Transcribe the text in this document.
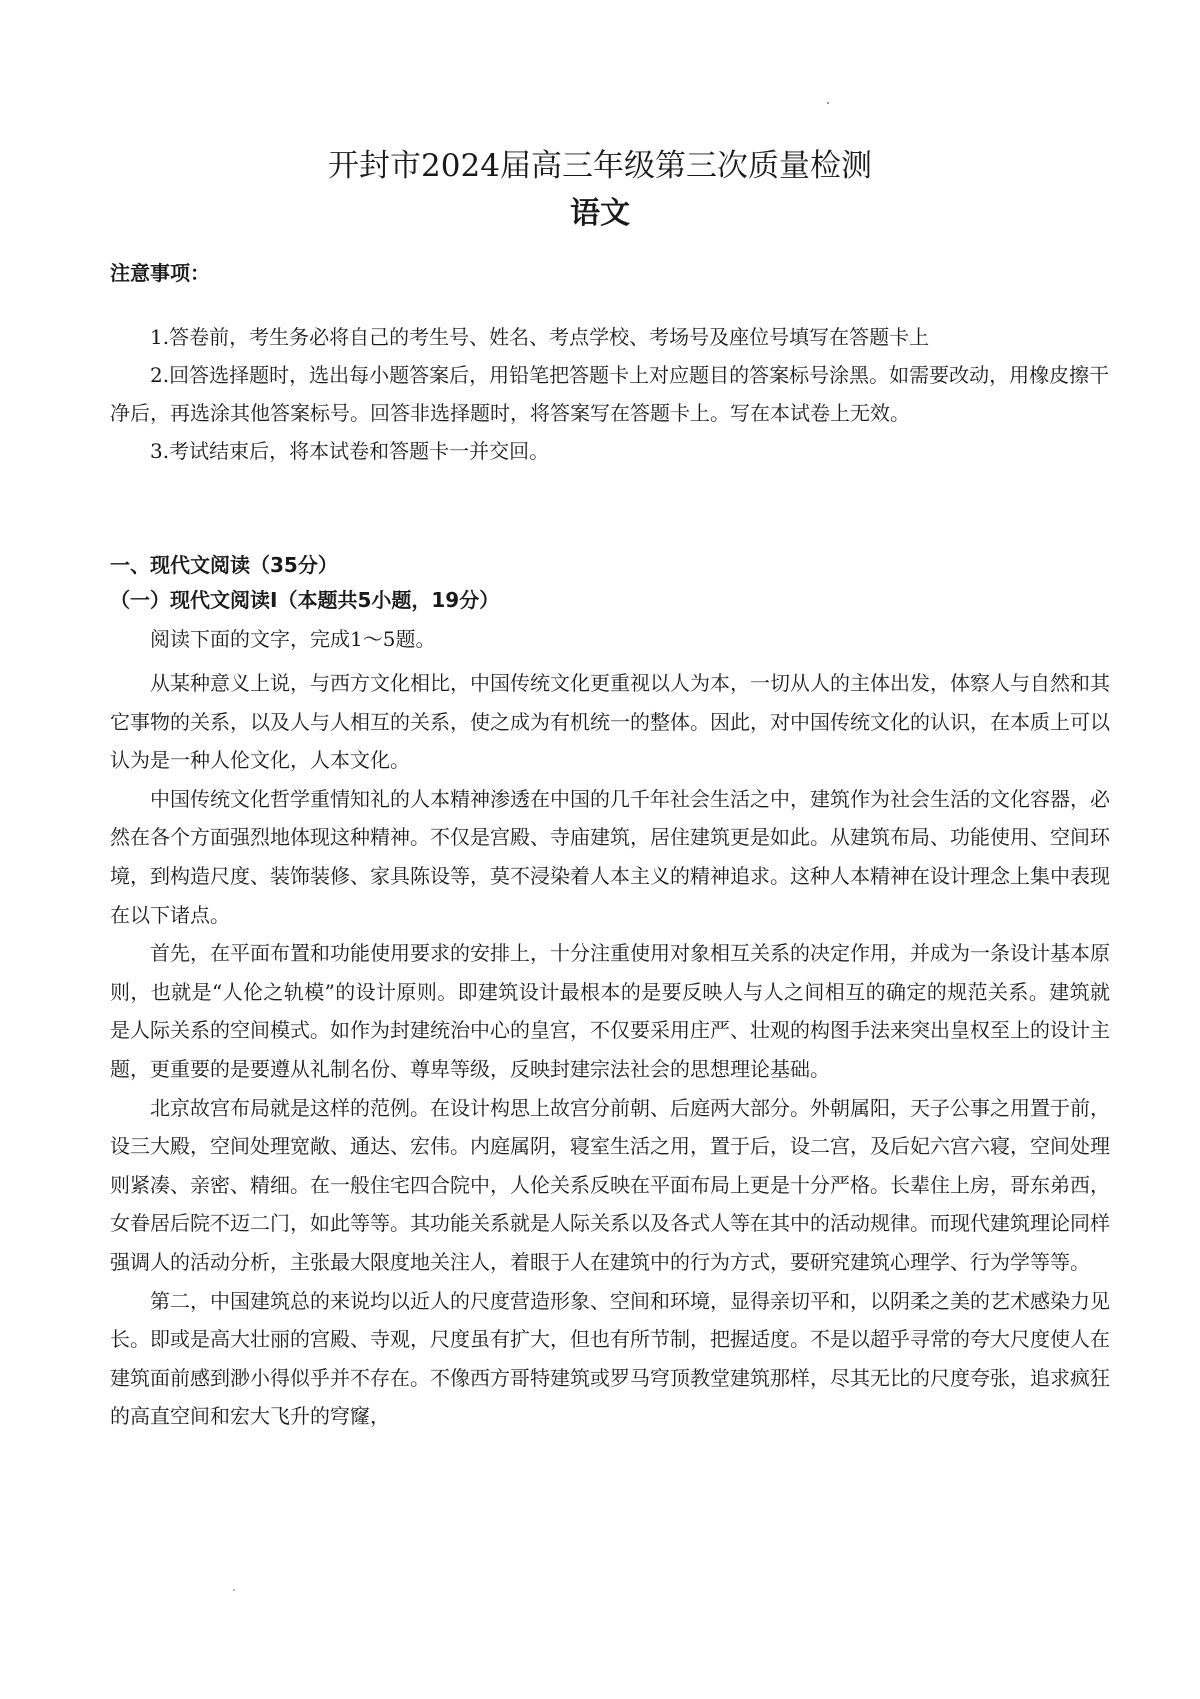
开封市2024届高三年级第三次质量检测
语文
注意事项：

1.答卷前，考生务必将自己的考生号、姓名、考点学校、考场号及座位号填写在答题卡上

2.回答选择题时，选出每小题答案后，用铅笔把答题卡上对应题目的答案标号涂黑。如需要改动，用橡皮擦干净后，再选涂其他答案标号。回答非选择题时，将答案写在答题卡上。写在本试卷上无效。

3.考试结束后，将本试卷和答题卡一并交回。

一、现代文阅读（35分）
（一）现代文阅读Ⅰ（本题共5小题，19分）

阅读下面的文字，完成1～5题。

从某种意义上说，与西方文化相比，中国传统文化更重视以人为本，一切从人的主体出发，体察人与自然和其它事物的关系，以及人与人相互的关系，使之成为有机统一的整体。因此，对中国传统文化的认识，在本质上可以认为是一种人伦文化，人本文化。

中国传统文化哲学重情知礼的人本精神渗透在中国的几千年社会生活之中，建筑作为社会生活的文化容器，必然在各个方面强烈地体现这种精神。不仅是宫殿、寺庙建筑，居住建筑更是如此。从建筑布局、功能使用、空间环境，到构造尺度、装饰装修、家具陈设等，莫不浸染着人本主义的精神追求。这种人本精神在设计理念上集中表现在以下诸点。

首先，在平面布置和功能使用要求的安排上，十分注重使用对象相互关系的决定作用，并成为一条设计基本原则，也就是“人伦之轨模”的设计原则。即建筑设计最根本的是要反映人与人之间相互的确定的规范关系。建筑就是人际关系的空间模式。如作为封建统治中心的皇宫，不仅要采用庄严、壮观的构图手法来突出皇权至上的设计主题，更重要的是要遵从礼制名份、尊卑等级，反映封建宗法社会的思想理论基础。

北京故宫布局就是这样的范例。在设计构思上故宫分前朝、后庭两大部分。外朝属阳，天子公事之用置于前，设三大殿，空间处理宽敞、通达、宏伟。内庭属阴，寝室生活之用，置于后，设二宫，及后妃六宫六寝，空间处理则紧凑、亲密、精细。在一般住宅四合院中，人伦关系反映在平面布局上更是十分严格。长辈住上房，哥东弟西，女眷居后院不迈二门，如此等等。其功能关系就是人际关系以及各式人等在其中的活动规律。而现代建筑理论同样强调人的活动分析，主张最大限度地关注人，着眼于人在建筑中的行为方式，要研究建筑心理学、行为学等等。

第二，中国建筑总的来说均以近人的尺度营造形象、空间和环境，显得亲切平和，以阴柔之美的艺术感染力见长。即或是高大壮丽的宫殿、寺观，尺度虽有扩大，但也有所节制，把握适度。不是以超乎寻常的夸大尺度使人在建筑面前感到渺小得似乎并不存在。不像西方哥特建筑或罗马穹顶教堂建筑那样，尽其无比的尺度夸张，追求疯狂的高直空间和宏大飞升的穹窿，
